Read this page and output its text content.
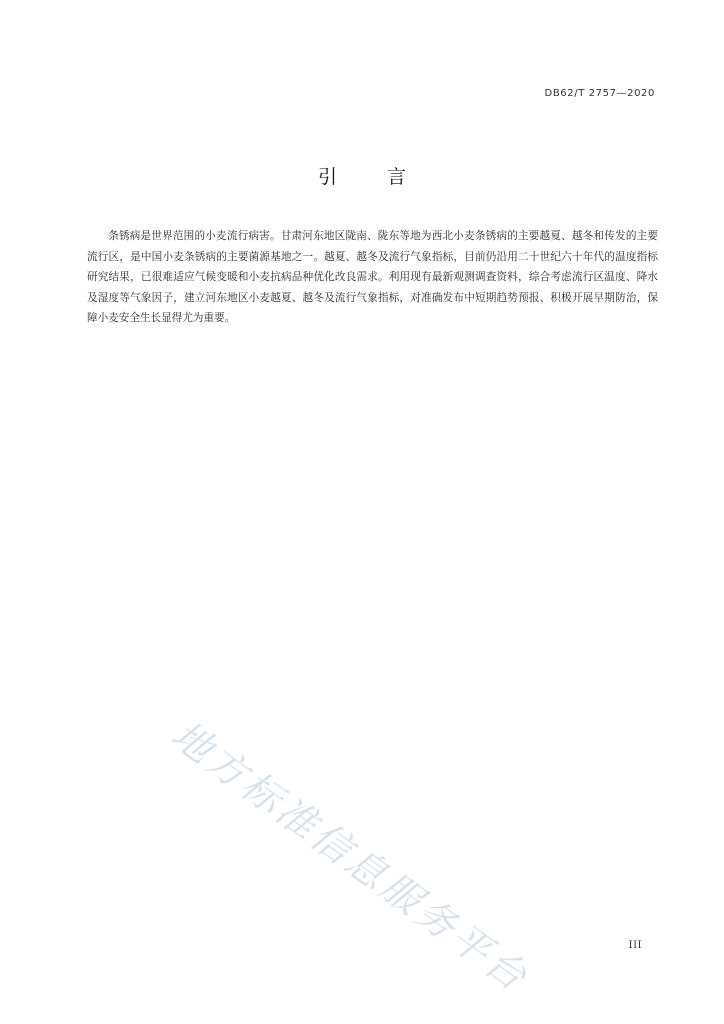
DB62/T 2757—2020
引 言

条锈病是世界范围的小麦流行病害。甘肃河东地区陇南、陇东等地为西北小麦条锈病的主要越夏、越冬和传发的主要流行区，是中国小麦条锈病的主要菌源基地之一。越夏、越冬及流行气象指标，目前仍沿用二十世纪六十年代的温度指标研究结果，已很难适应气候变暖和小麦抗病品种优化改良需求。利用现有最新观测调查资料，综合考虑流行区温度、降水及湿度等气象因子，建立河东地区小麦越夏、越冬及流行气象指标，对准确发布中短期趋势预报、积极开展早期防治，保障小麦安全生长显得尤为重要。

地方标准信息服务平台	III
